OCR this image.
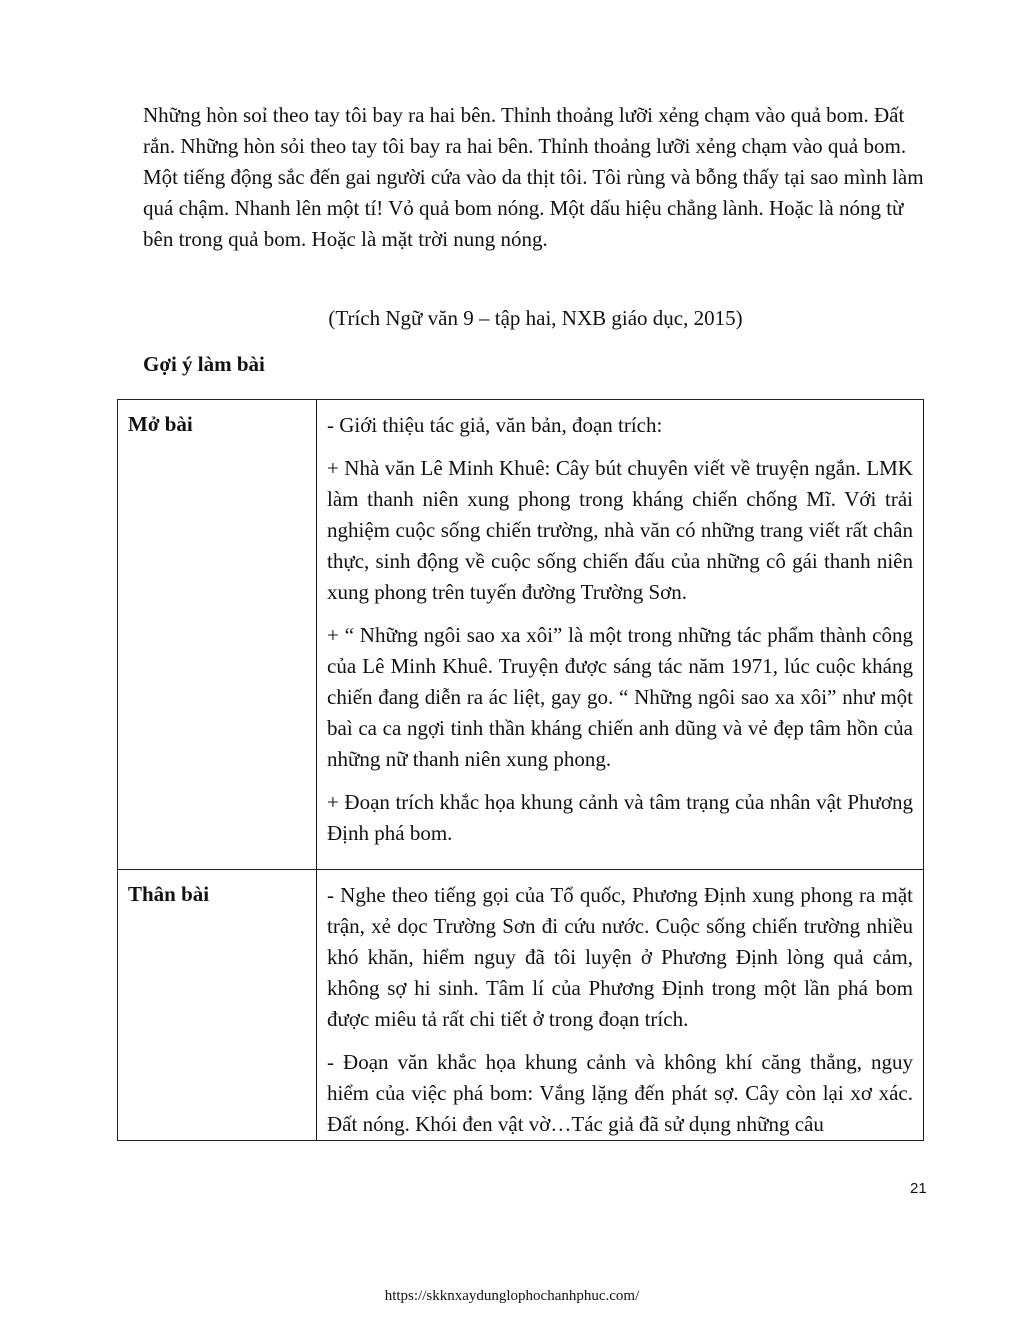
Những hòn soỉ theo tay tôi bay ra hai bên. Thỉnh thoảng lưỡi xẻng chạm vào quả bom. Đất rắn. Những hòn sỏi theo tay tôi bay ra hai bên. Thỉnh thoảng lưỡi xẻng chạm vào quả bom. Một tiếng động sắc đến gai người cứa vào da thịt tôi. Tôi rùng và bỗng thấy tại sao mình làm quá chậm. Nhanh lên một tí! Vỏ quả bom nóng. Một dấu hiệu chẳng lành. Hoặc là nóng từ bên trong quả bom. Hoặc là mặt trời nung nóng.

(Trích Ngữ văn 9 – tập hai, NXB giáo dục, 2015)

Gợi ý làm bài

Mở bài	- Giới thiệu tác giả, văn bản, đoạn trích:

+ Nhà văn Lê Minh Khuê: Cây bút chuyên viết về truyện ngắn. LMK làm thanh niên xung phong trong kháng chiến chống Mĩ. Với trải nghiệm cuộc sống chiến trường, nhà văn có những trang viết rất chân thực, sinh động về cuộc sống chiến đấu của những cô gái thanh niên xung phong trên tuyến đường Trường Sơn.

+ “ Những ngôi sao xa xôi” là một trong những tác phẩm thành công của Lê Minh Khuê. Truyện được sáng tác năm 1971, lúc cuộc kháng chiến đang diễn ra ác liệt, gay go. “ Những ngôi sao xa xôi” như một baì ca ca ngợi tinh thần kháng chiến anh dũng và vẻ đẹp tâm hồn của những nữ thanh niên xung phong.

+ Đoạn trích khắc họa khung cảnh và tâm trạng của nhân vật Phương Định phá bom.

Thân bài	- Nghe theo tiếng gọi của Tổ quốc, Phương Định xung phong ra mặt trận, xẻ dọc Trường Sơn đi cứu nước. Cuộc sống chiến trường nhiều khó khăn, hiểm nguy đã tôi luyện ở Phương Định lòng quả cảm, không sợ hi sinh. Tâm lí của Phương Định trong một lần phá bom được miêu tả rất chi tiết ở trong đoạn trích.

- Đoạn văn khắc họa khung cảnh và không khí căng thẳng, nguy hiểm của việc phá bom: Vắng lặng đến phát sợ. Cây còn lại xơ xác. Đất nóng. Khói đen vật vờ…Tác giả đã sử dụng những câu

21
https://skknxaydunglophochanhphuc.com/
